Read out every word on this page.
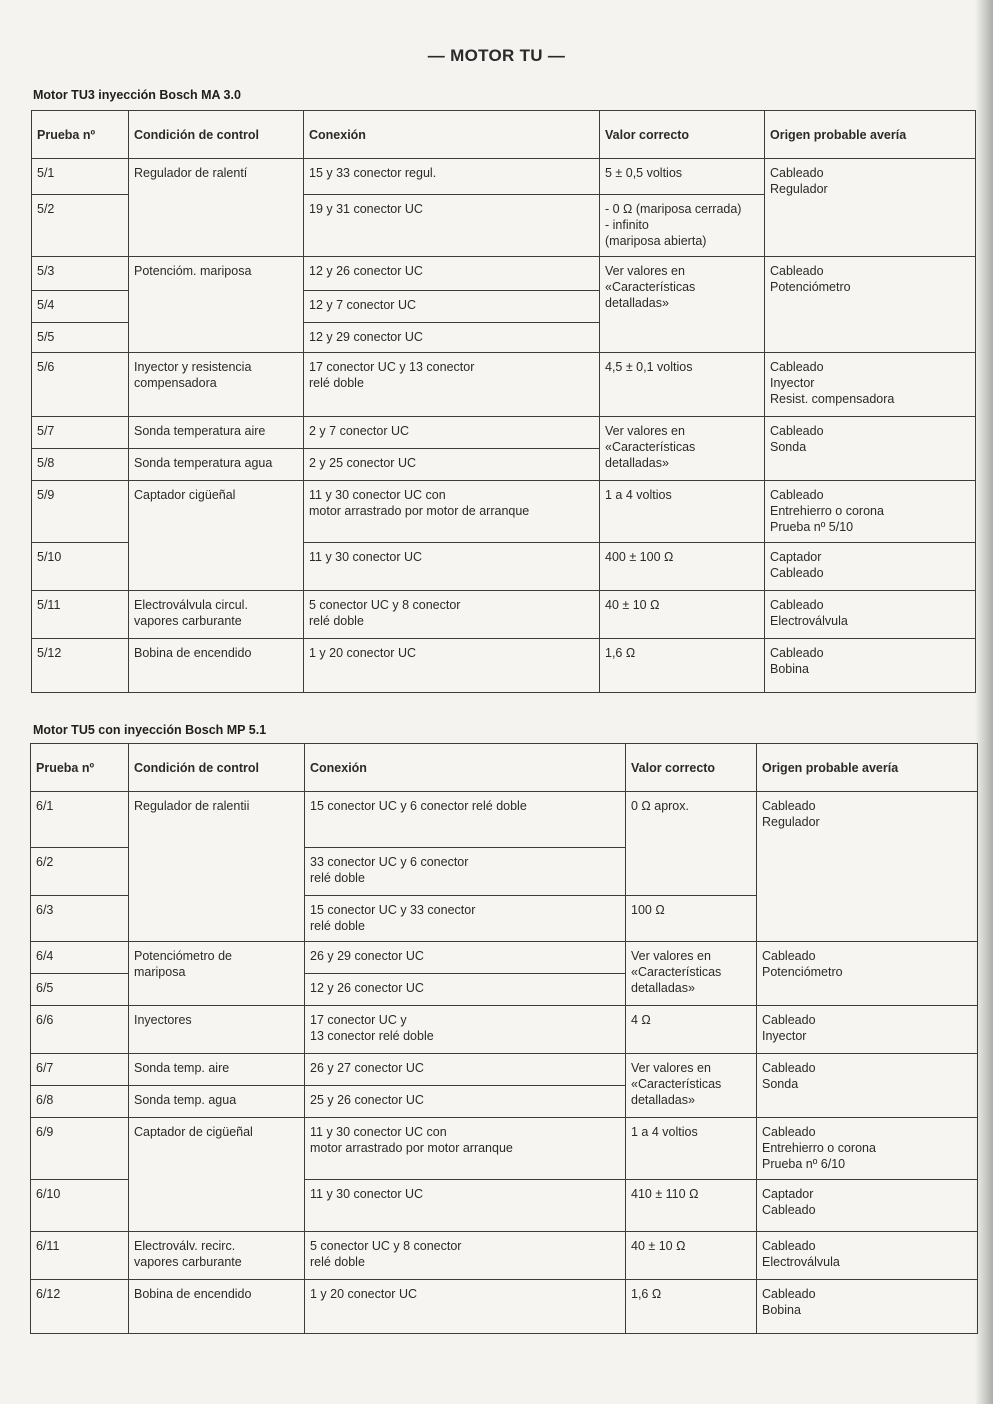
— MOTOR TU —
Motor TU3 inyección Bosch MA 3.0
Prueba nº	Condición de control	Conexión	Valor correcto	Origen probable avería

5/1	Regulador de ralentí	15 y 33 conector regul.	5 ± 0,5 voltios	Cableado
Regulador

5/2		19 y 31 conector UC	- 0 Ω (mariposa cerrada)
- infinito
(mariposa abierta)	

5/3	Potencióm. mariposa	12 y 26 conector UC	Ver valores en
«Características
detalladas»	Cableado
Potenciómetro

5/4		12 y 7 conector UC		

5/5		12 y 29 conector UC		

5/6	Inyector y resistencia
compensadora	17 conector UC y 13 conector
relé doble	4,5 ± 0,1 voltios	Cableado
Inyector
Resist. compensadora

5/7	Sonda temperatura aire	2 y 7 conector UC	Ver valores en
«Características
detalladas»	Cableado
Sonda

5/8	Sonda temperatura agua	2 y 25 conector UC		

5/9	Captador cigüeñal	11 y 30 conector UC con
motor arrastrado por motor de arranque	1 a 4 voltios	Cableado
Entrehierro o corona
Prueba nº 5/10

5/10		11 y 30 conector UC	400 ± 100 Ω	Captador
Cableado

5/11	Electroválvula circul.
vapores carburante	5 conector UC y 8 conector
relé doble	40 ± 10 Ω	Cableado
Electroválvula

5/12	Bobina de encendido	1 y 20 conector UC	1,6 Ω	Cableado
Bobina
Motor TU5 con inyección Bosch MP 5.1
Prueba nº	Condición de control	Conexión	Valor correcto	Origen probable avería

6/1	Regulador de ralentii	15 conector UC y 6 conector relé doble	0 Ω aprox.	Cableado
Regulador

6/2		33 conector UC y 6 conector
relé doble		

6/3		15 conector UC y 33 conector
relé doble	100 Ω	

6/4	Potenciómetro de
mariposa	26 y 29 conector UC	Ver valores en
«Características
detalladas»	Cableado
Potenciómetro

6/5		12 y 26 conector UC		

6/6	Inyectores	17 conector UC y
13 conector relé doble	4 Ω	Cableado
Inyector

6/7	Sonda temp. aire	26 y 27 conector UC	Ver valores en
«Características
detalladas»	Cableado
Sonda

6/8	Sonda temp. agua	25 y 26 conector UC		

6/9	Captador de cigüeñal	11 y 30 conector UC con
motor arrastrado por motor arranque	1 a 4 voltios	Cableado
Entrehierro o corona
Prueba nº 6/10

6/10		11 y 30 conector UC	410 ± 110 Ω	Captador
Cableado

6/11	Electroválv. recirc.
vapores carburante	5 conector UC y 8 conector
relé doble	40 ± 10 Ω	Cableado
Electroválvula

6/12	Bobina de encendido	1 y 20 conector UC	1,6 Ω	Cableado
Bobina
